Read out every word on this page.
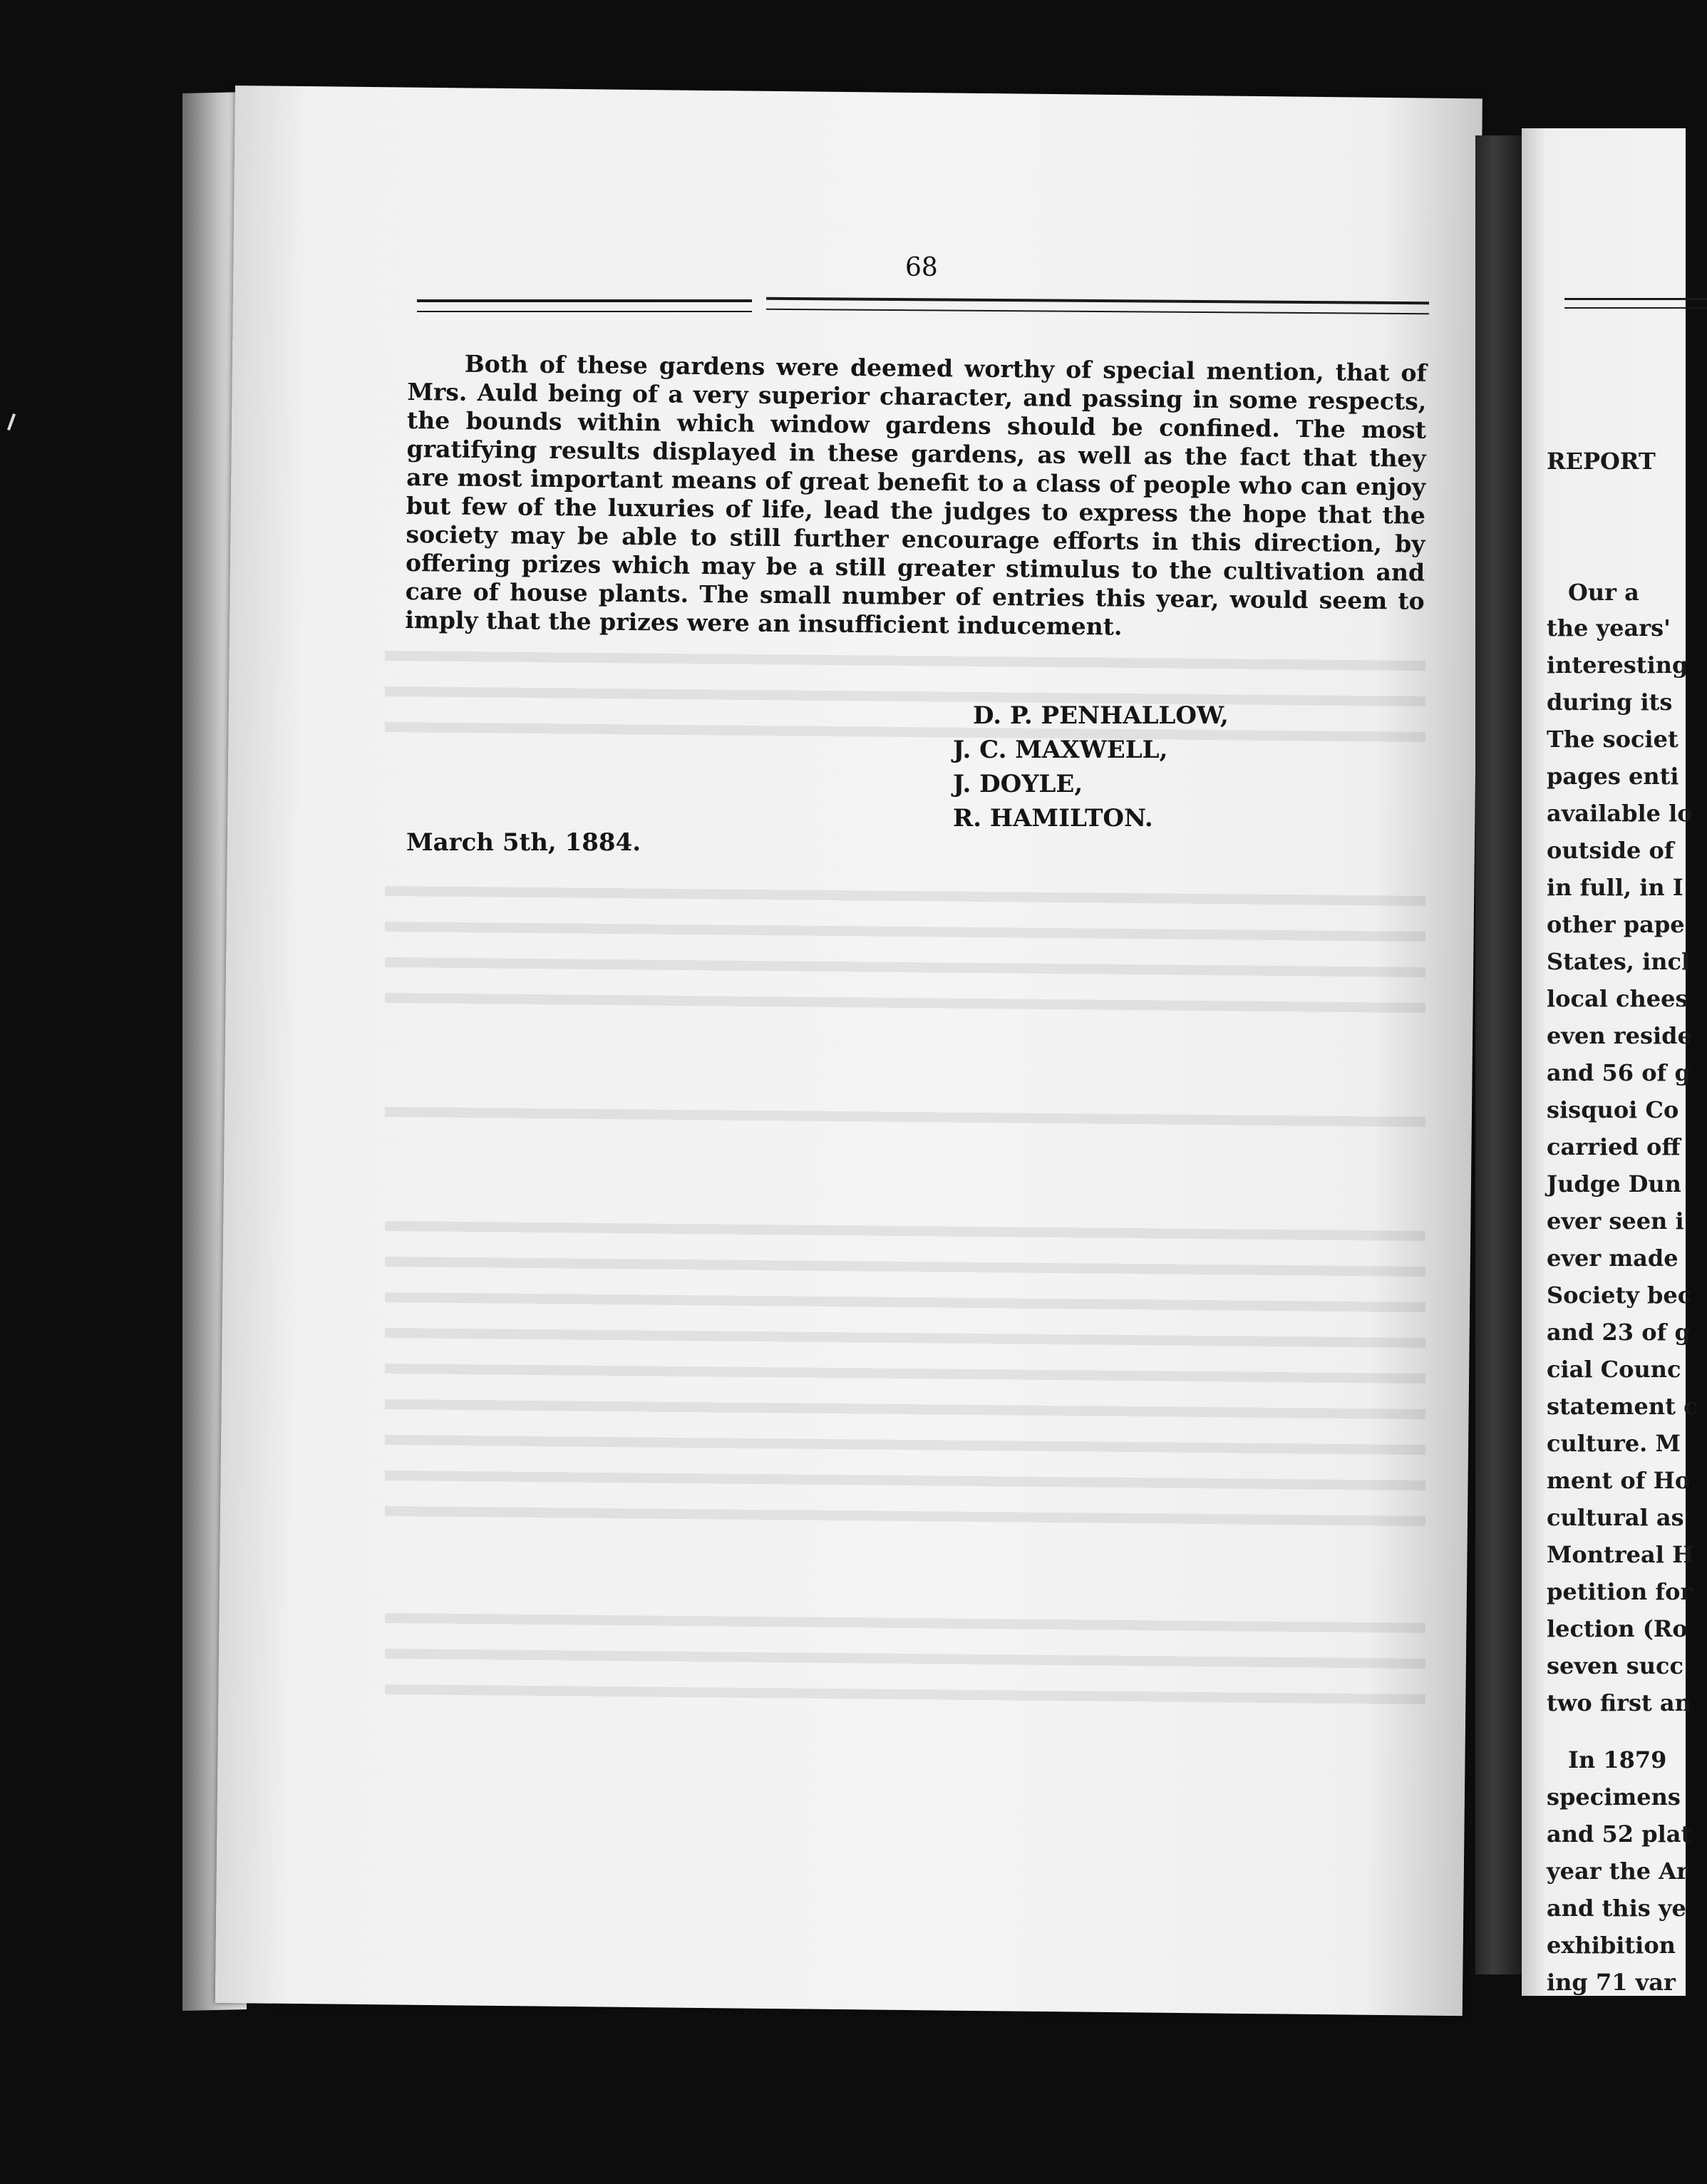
68

Both of these gardens were deemed worthy of special mention, that of Mrs. Auld being of a very superior character, and passing in some respects, the bounds within which window gardens should be confined. The most gratifying results displayed in these gardens, as well as the fact that they are most important means of great benefit to a class of people who can enjoy but few of the luxuries of life, lead the judges to express the hope that the society may be able to still further encourage efforts in this direction, by offering prizes which may be a still greater stimulus to the cultivation and care of house plants. The small number of entries this year, would seem to imply that the prizes were an insufficient inducement.

D. P. PENHALLOW,
J. C. MAXWELL,
J. DOYLE,
R. HAMILTON.
March 5th, 1884.
REPORT
Our a
the years'
interesting
during its
The societ
pages enti
available lo
outside of
in full, in I
other pape
States, incl
local chees
even reside
and 56 of g
sisquoi Co
carried off
Judge Dun
ever seen i
ever made
Society bec
and 23 of g
cial Counc
statement c
culture. M
ment of Ho
cultural as
Montreal H
petition for
lection (Ro
seven succ
two first an
In 1879
specimens
and 52 plat
year the Ar
and this ye
exhibition
ing 71 var
